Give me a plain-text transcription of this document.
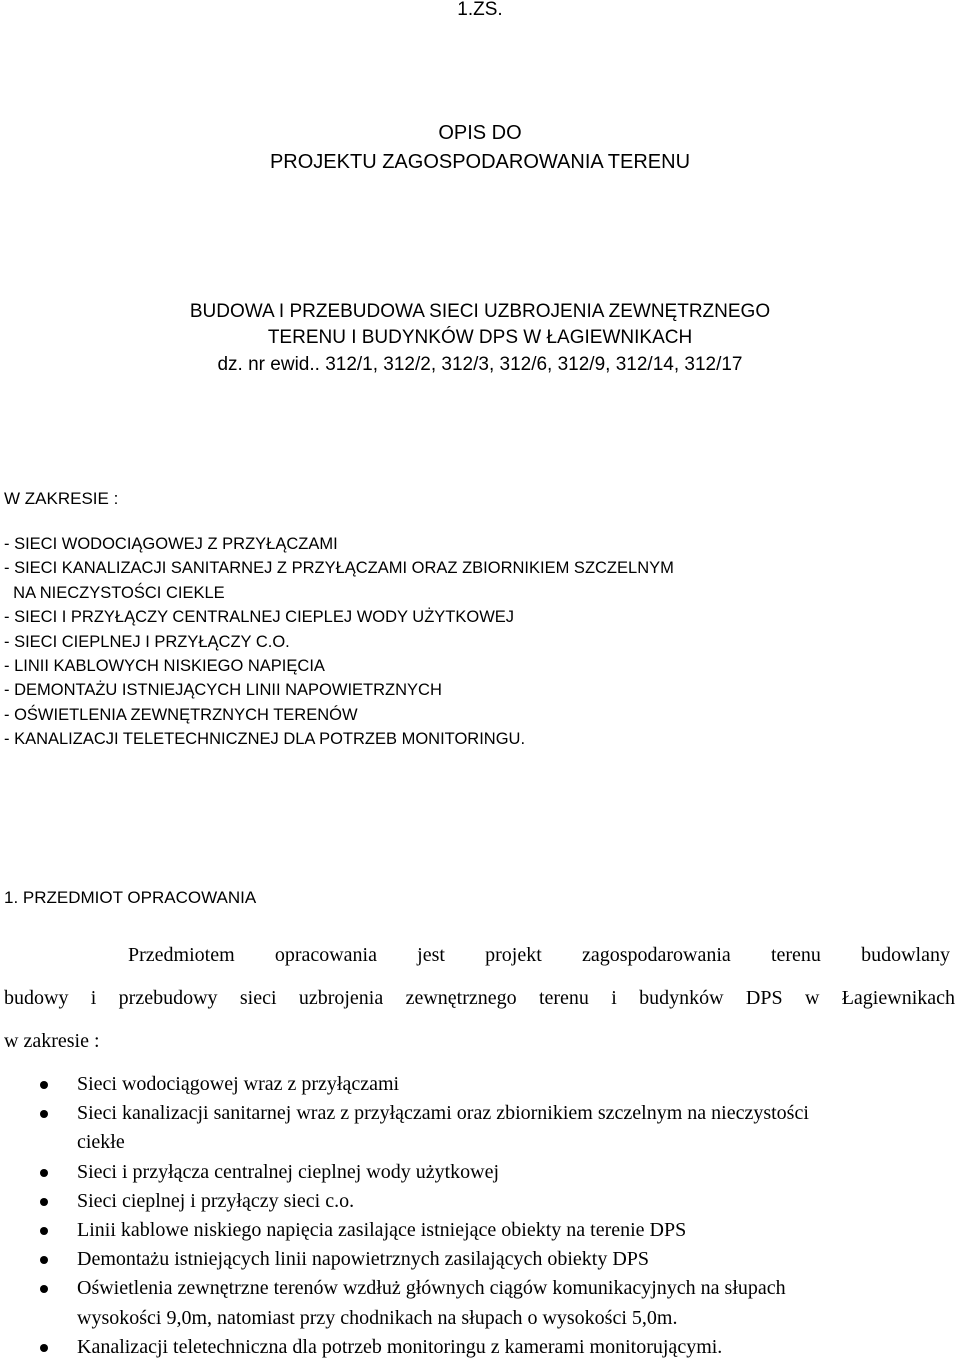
1.ZS.
OPIS DO
PROJEKTU ZAGOSPODAROWANIA TERENU
BUDOWA I PRZEBUDOWA SIECI UZBROJENIA ZEWNĘTRZNEGO
TERENU I BUDYNKÓW DPS W ŁAGIEWNIKACH
dz. nr ewid.. 312/1, 312/2, 312/3, 312/6, 312/9, 312/14, 312/17
W ZAKRESIE :
- SIECI WODOCIĄGOWEJ Z PRZYŁĄCZAMI
- SIECI KANALIZACJI SANITARNEJ Z PRZYŁĄCZAMI ORAZ ZBIORNIKIEM SZCZELNYM
NA NIECZYSTOŚCI CIEKLE
- SIECI I PRZYŁĄCZY CENTRALNEJ CIEPLEJ WODY UŻYTKOWEJ
- SIECI CIEPLNEJ I PRZYŁĄCZY C.O.
- LINII KABLOWYCH NISKIEGO NAPIĘCIA
- DEMONTAŻU ISTNIEJĄCYCH LINII NAPOWIETRZNYCH
- OŚWIETLENIA ZEWNĘTRZNYCH TERENÓW
- KANALIZACJI TELETECHNICZNEJ DLA POTRZEB MONITORINGU.
1. PRZEDMIOT OPRACOWANIA
Przedmiotem opracowania jest projekt zagospodarowania terenu budowlany
budowy i przebudowy sieci uzbrojenia zewnętrznego terenu i budynków DPS w Łagiewnikach
w zakresie :
Sieci wodociągowej wraz z przyłączami
Sieci kanalizacji sanitarnej wraz z przyłączami oraz zbiornikiem szczelnym na nieczystości
ciekłe
Sieci i przyłącza centralnej cieplnej wody użytkowej
Sieci cieplnej i przyłączy sieci c.o.
Linii kablowe niskiego napięcia zasilające istniejące obiekty na terenie DPS
Demontażu istniejących linii napowietrznych zasilających obiekty DPS
Oświetlenia zewnętrzne terenów wzdłuż głównych ciągów komunikacyjnych na słupach
wysokości 9,0m, natomiast przy chodnikach na słupach o wysokości 5,0m.
Kanalizacji teletechniczna dla potrzeb monitoringu z kamerami monitorującymi.
